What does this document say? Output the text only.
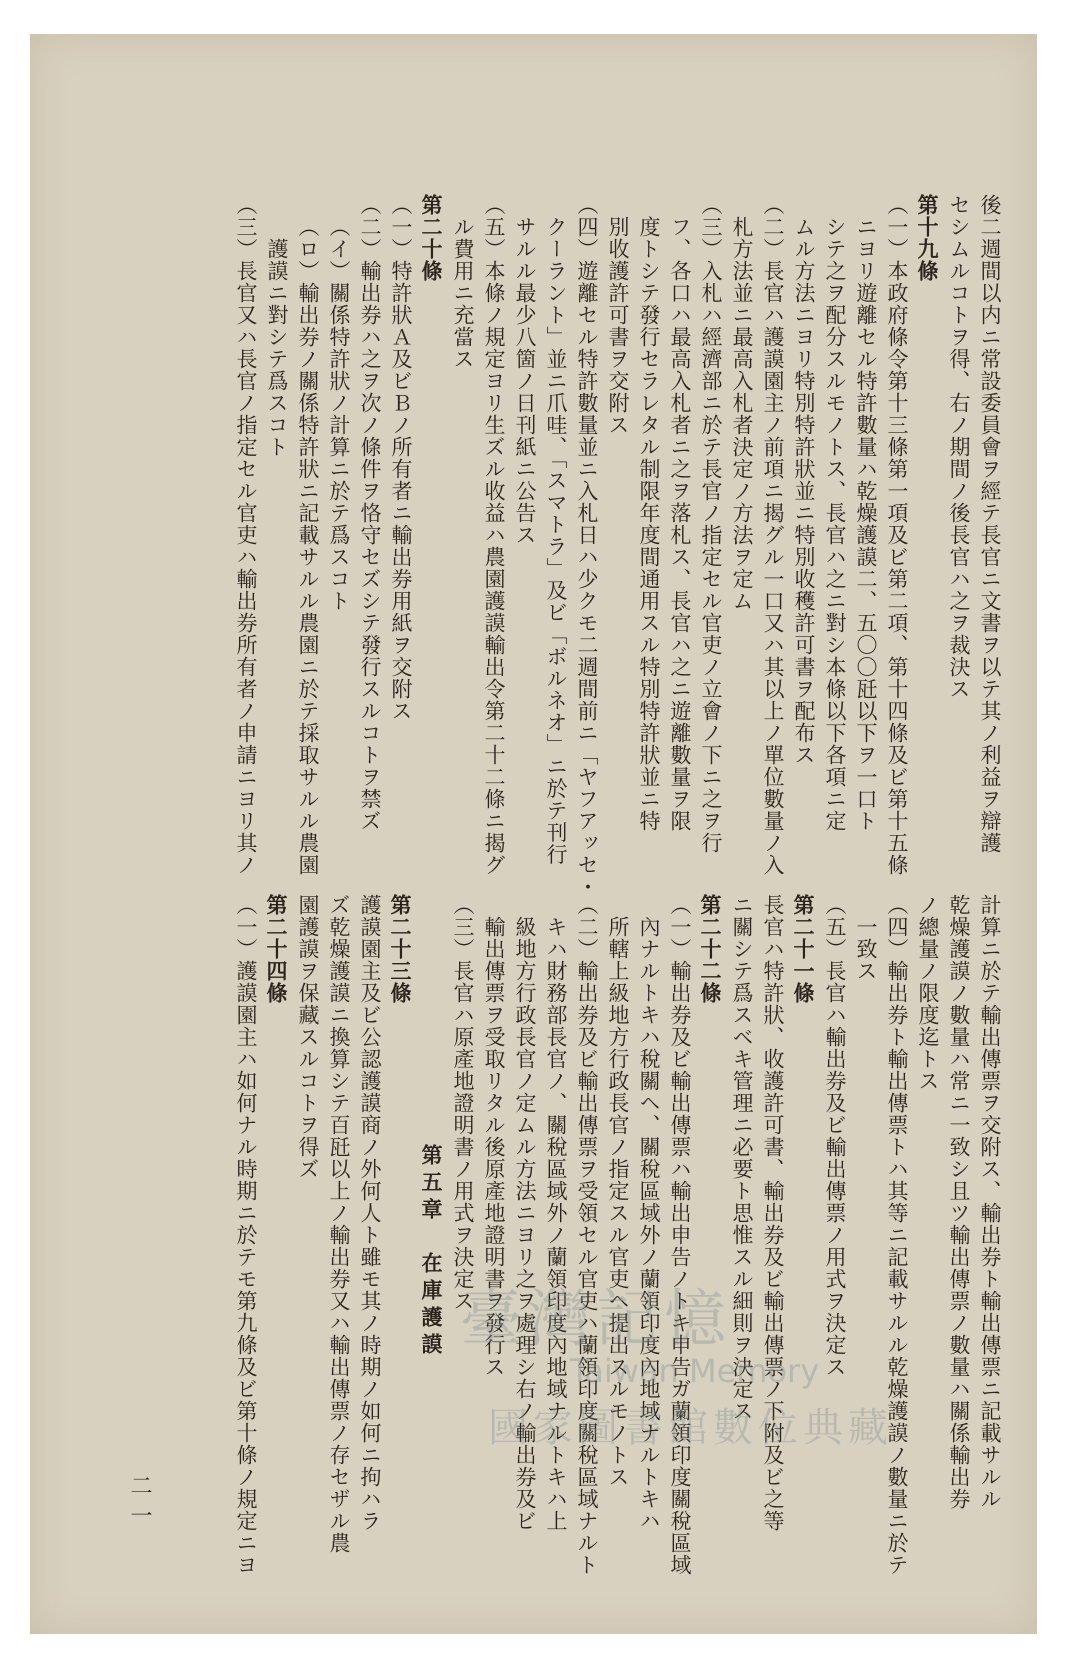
後二週間以内ニ常設委員會ヲ經テ長官ニ文書ヲ以テ其ノ利益ヲ辯護
セシムルコトヲ得、右ノ期間ノ後長官ハ之ヲ裁決ス
第十九條
（一）本政府條令第十三條第一項及ビ第二項、第十四條及ビ第十五條
ニヨリ遊離セル特許數量ハ乾燥護謨二、五〇〇瓩以下ヲ一口ト
シテ之ヲ配分スルモノトス、長官ハ之ニ對シ本條以下各項ニ定
ムル方法ニヨリ特別特許狀並ニ特別收穫許可書ヲ配布ス
（二）長官ハ護謨園主ノ前項ニ揭グル一口又ハ其以上ノ單位數量ノ入
札方法並ニ最高入札者決定ノ方法ヲ定ム
（三）入札ハ經濟部ニ於テ長官ノ指定セル官吏ノ立會ノ下ニ之ヲ行
フ、各口ハ最高入札者ニ之ヲ落札ス、長官ハ之ニ遊離數量ヲ限
度トシテ發行セラレタル制限年度間通用スル特別特許狀並ニ特
別收護許可書ヲ交附ス
（四）遊離セル特許數量並ニ入札日ハ少クモ二週間前ニ「ヤフアッセ・
クーラント」並ニ爪哇、「スマトラ」及ビ「ボルネオ」ニ於テ刊行
サルル最少八箇ノ日刊紙ニ公告ス
（五）本條ノ規定ヨリ生ズル收益ハ農園護謨輸出令第二十二條ニ揭グ
ル費用ニ充當ス
第二十條
（一）特許狀Ａ及ビＢノ所有者ニ輸出券用紙ヲ交附ス
（二）輸出券ハ之ヲ次ノ條件ヲ恪守セズシテ發行スルコトヲ禁ズ
（イ）關係特許狀ノ計算ニ於テ爲スコト
（ロ）輸出券ノ關係特許狀ニ記載サルル農園ニ於テ採取サルル農園
護謨ニ對シテ爲スコト
（三）長官又ハ長官ノ指定セル官吏ハ輸出券所有者ノ申請ニヨリ其ノ
計算ニ於テ輸出傳票ヲ交附ス、輸出券ト輸出傳票ニ記載サルル
乾燥護謨ノ數量ハ常ニ一致シ且ツ輸出傳票ノ數量ハ關係輸出券
ノ總量ノ限度迄トス
（四）輸出券ト輸出傳票トハ其等ニ記載サルル乾燥護謨ノ數量ニ於テ
一致ス
（五）長官ハ輸出券及ビ輸出傳票ノ用式ヲ決定ス
第二十一條
長官ハ特許狀、收護許可書、輸出券及ビ輸出傳票ノ下附及ビ之等
ニ關シテ爲スベキ管理ニ必要ト思惟スル細則ヲ決定ス
第二十二條
（一）輸出券及ビ輸出傳票ハ輸出申告ノトキ申告ガ蘭領印度關稅區域
內ナルトキハ稅關ヘ、關稅區域外ノ蘭領印度內地域ナルトキハ
所轄上級地方行政長官ノ指定スル官吏ヘ提出スルモノトス
（二）輸出券及ビ輸出傳票ヲ受領セル官吏ハ蘭領印度關稅區域ナルト
キハ財務部長官ノ、關稅區域外ノ蘭領印度內地域ナルトキハ上
級地方行政長官ノ定ムル方法ニヨリ之ヲ處理シ右ノ輸出券及ビ
輸出傳票ヲ受取リタル後原產地證明書ヲ發行ス
（三）長官ハ原產地證明書ノ用式ヲ決定ス
第五章　在庫護謨
第二十三條
護謨園主及ビ公認護謨商ノ外何人ト雖モ其ノ時期ノ如何ニ拘ハラ
ズ乾燥護謨ニ換算シテ百瓩以上ノ輸出券又ハ輸出傳票ノ存セザル農
園護謨ヲ保藏スルコトヲ得ズ
第二十四條
（一）護謨園主ハ如何ナル時期ニ於テモ第九條及ビ第十條ノ規定ニヨ	臺灣記憶
Taiwan Memory
國家圖書館數位典藏
二一
